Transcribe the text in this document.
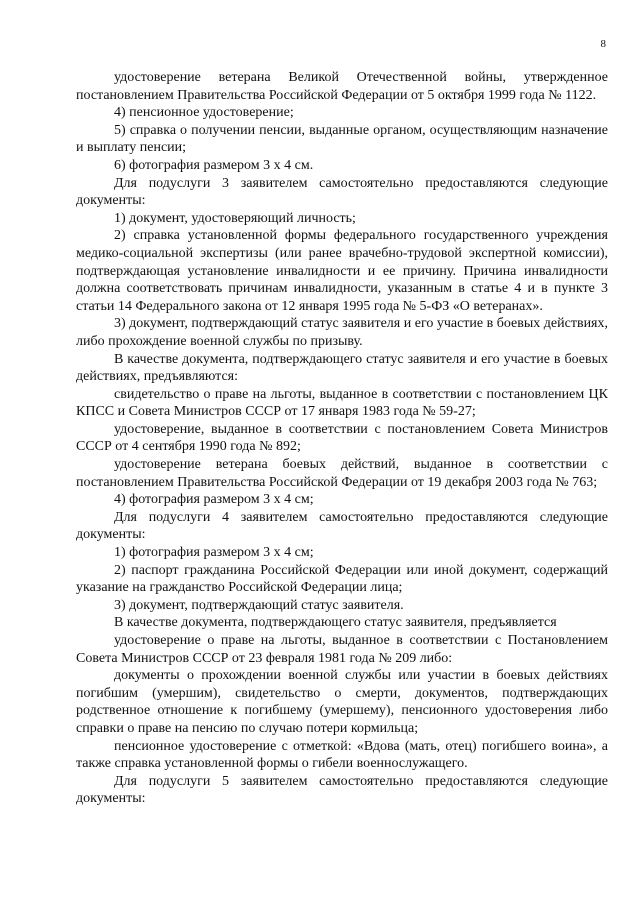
8

удостоверение ветерана Великой Отечественной войны, утвержденное постановлением Правительства Российской Федерации от 5 октября 1999 года № 1122.

4) пенсионное удостоверение;

5) справка о получении пенсии, выданные органом, осуществляющим назначение и выплату пенсии;

6) фотография размером 3 х 4 см.

Для подуслуги 3 заявителем самостоятельно предоставляются следующие документы:

1) документ, удостоверяющий личность;

2) справка установленной формы федерального государственного учреждения медико-социальной экспертизы (или ранее врачебно-трудовой экспертной комиссии), подтверждающая установление инвалидности и ее причину. Причина инвалидности должна соответствовать причинам инвалидности, указанным в статье 4 и в пункте 3 статьи 14 Федерального закона от 12 января 1995 года № 5-ФЗ «О ветеранах».

3) документ, подтверждающий статус заявителя и его участие в боевых действиях, либо прохождение военной службы по призыву.

В качестве документа, подтверждающего статус заявителя и его участие в боевых действиях, предъявляются:

свидетельство о праве на льготы, выданное в соответствии с постановлением ЦК КПСС и Совета Министров СССР от 17 января 1983 года № 59-27;

удостоверение, выданное в соответствии с постановлением Совета Министров СССР от 4 сентября 1990 года № 892;

удостоверение ветерана боевых действий, выданное в соответствии с постановлением Правительства Российской Федерации от 19 декабря 2003 года № 763;

4) фотография размером 3 х 4 см;

Для подуслуги 4 заявителем самостоятельно предоставляются следующие документы:

1) фотография размером 3 х 4 см;

2) паспорт гражданина Российской Федерации или иной документ, содержащий указание на гражданство Российской Федерации лица;

3) документ, подтверждающий статус заявителя.

В качестве документа, подтверждающего статус заявителя, предъявляется

удостоверение о праве на льготы, выданное в соответствии с Постановлением Совета Министров СССР от 23 февраля 1981 года № 209 либо:

документы о прохождении военной службы или участии в боевых действиях погибшим (умершим), свидетельство о смерти, документов, подтверждающих родственное отношение к погибшему (умершему), пенсионного удостоверения либо справки о праве на пенсию по случаю потери кормильца;

пенсионное удостоверение с отметкой: «Вдова (мать, отец) погибшего воина», а также справка установленной формы о гибели военнослужащего.

Для подуслуги 5 заявителем самостоятельно предоставляются следующие документы:
